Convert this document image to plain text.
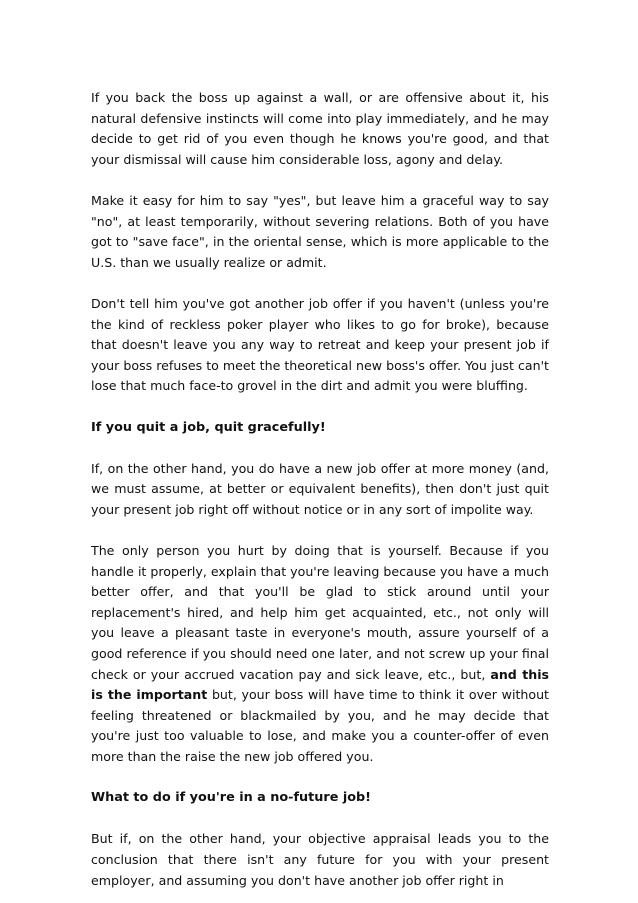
If you back the boss up against a wall, or are offensive about it, his natural defensive instincts will come into play immediately, and he may decide to get rid of you even though he knows you're good, and that your dismissal will cause him considerable loss, agony and delay.

Make it easy for him to say "yes", but leave him a graceful way to say "no", at least temporarily, without severing relations. Both of you have got to "save face", in the oriental sense, which is more applicable to the U.S. than we usually realize or admit.

Don't tell him you've got another job offer if you haven't (unless you're the kind of reckless poker player who likes to go for broke), because that doesn't leave you any way to retreat and keep your present job if your boss refuses to meet the theoretical new boss's offer. You just can't lose that much face-to grovel in the dirt and admit you were bluffing.

If you quit a job, quit gracefully!

If, on the other hand, you do have a new job offer at more money (and, we must assume, at better or equivalent benefits), then don't just quit your present job right off without notice or in any sort of impolite way.

The only person you hurt by doing that is yourself. Because if you handle it properly, explain that you're leaving because you have a much better offer, and that you'll be glad to stick around until your replacement's hired, and help him get acquainted, etc., not only will you leave a pleasant taste in everyone's mouth, assure yourself of a good reference if you should need one later, and not screw up your final check or your accrued vacation pay and sick leave, etc., but, and this is the important but, your boss will have time to think it over without feeling threatened or blackmailed by you, and he may decide that you're just too valuable to lose, and make you a counter-offer of even more than the raise the new job offered you.

What to do if you're in a no-future job!

But if, on the other hand, your objective appraisal leads you to the conclusion that there isn't any future for you with your present employer, and assuming you don't have another job offer right in
